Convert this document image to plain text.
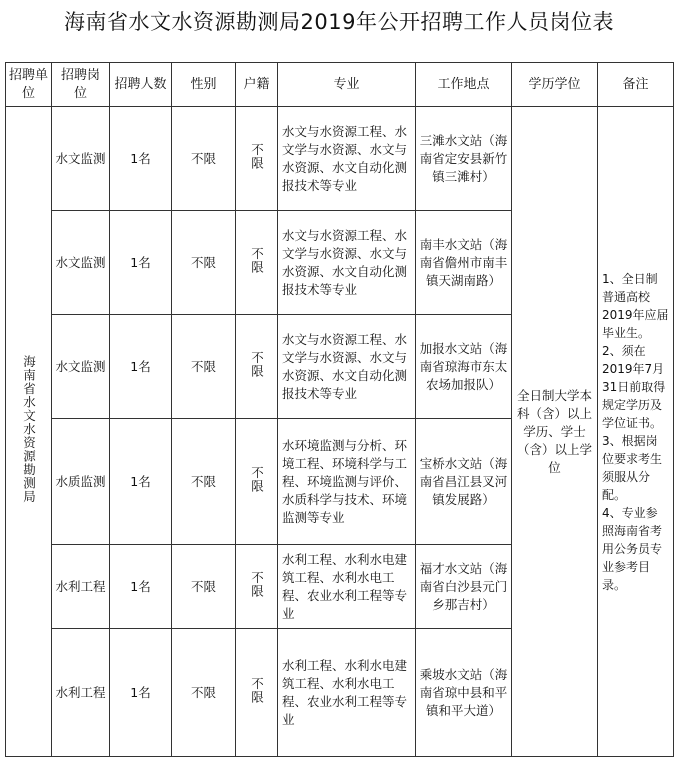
海南省水文水资源勘测局2019年公开招聘工作人员岗位表
招聘单位	招聘岗位	招聘人数	性别	户籍	专业	工作地点	学历学位	备注
海南省水文水资源勘测局	水文监测	1名	不限	不限	水文与水资源工程、水文学与水资源、水文与水资源、水文自动化测报技术等专业	三滩水文站（海南省定安县新竹镇三滩村）	全日制大学本科（含）以上学历、学士（含）以上学位	1、全日制普通高校2019年应届毕业生。
2、须在2019年7月31日前取得规定学历及学位证书。
3、根据岗位要求考生须服从分配。
4、专业参照海南省考用公务员专业参考目录。

	水文监测	1名	不限	不限	水文与水资源工程、水文学与水资源、水文与水资源、水文自动化测报技术等专业	南丰水文站（海南省儋州市南丰镇天湖南路）		
	水文监测	1名	不限	不限	水文与水资源工程、水文学与水资源、水文与水资源、水文自动化测报技术等专业	加报水文站（海南省琼海市东太农场加报队）		
	水质监测	1名	不限	不限	水环境监测与分析、环境工程、环境科学与工程、环境监测与评价、水质科学与技术、环境监测等专业	宝桥水文站（海南省昌江县叉河镇发展路）		
	水利工程	1名	不限	不限	水利工程、水利水电建筑工程、水利水电工程、农业水利工程等专业	福才水文站（海南省白沙县元门乡那吉村）		
	水利工程	1名	不限	不限	水利工程、水利水电建筑工程、水利水电工程、农业水利工程等专业	乘坡水文站（海南省琼中县和平镇和平大道）		
